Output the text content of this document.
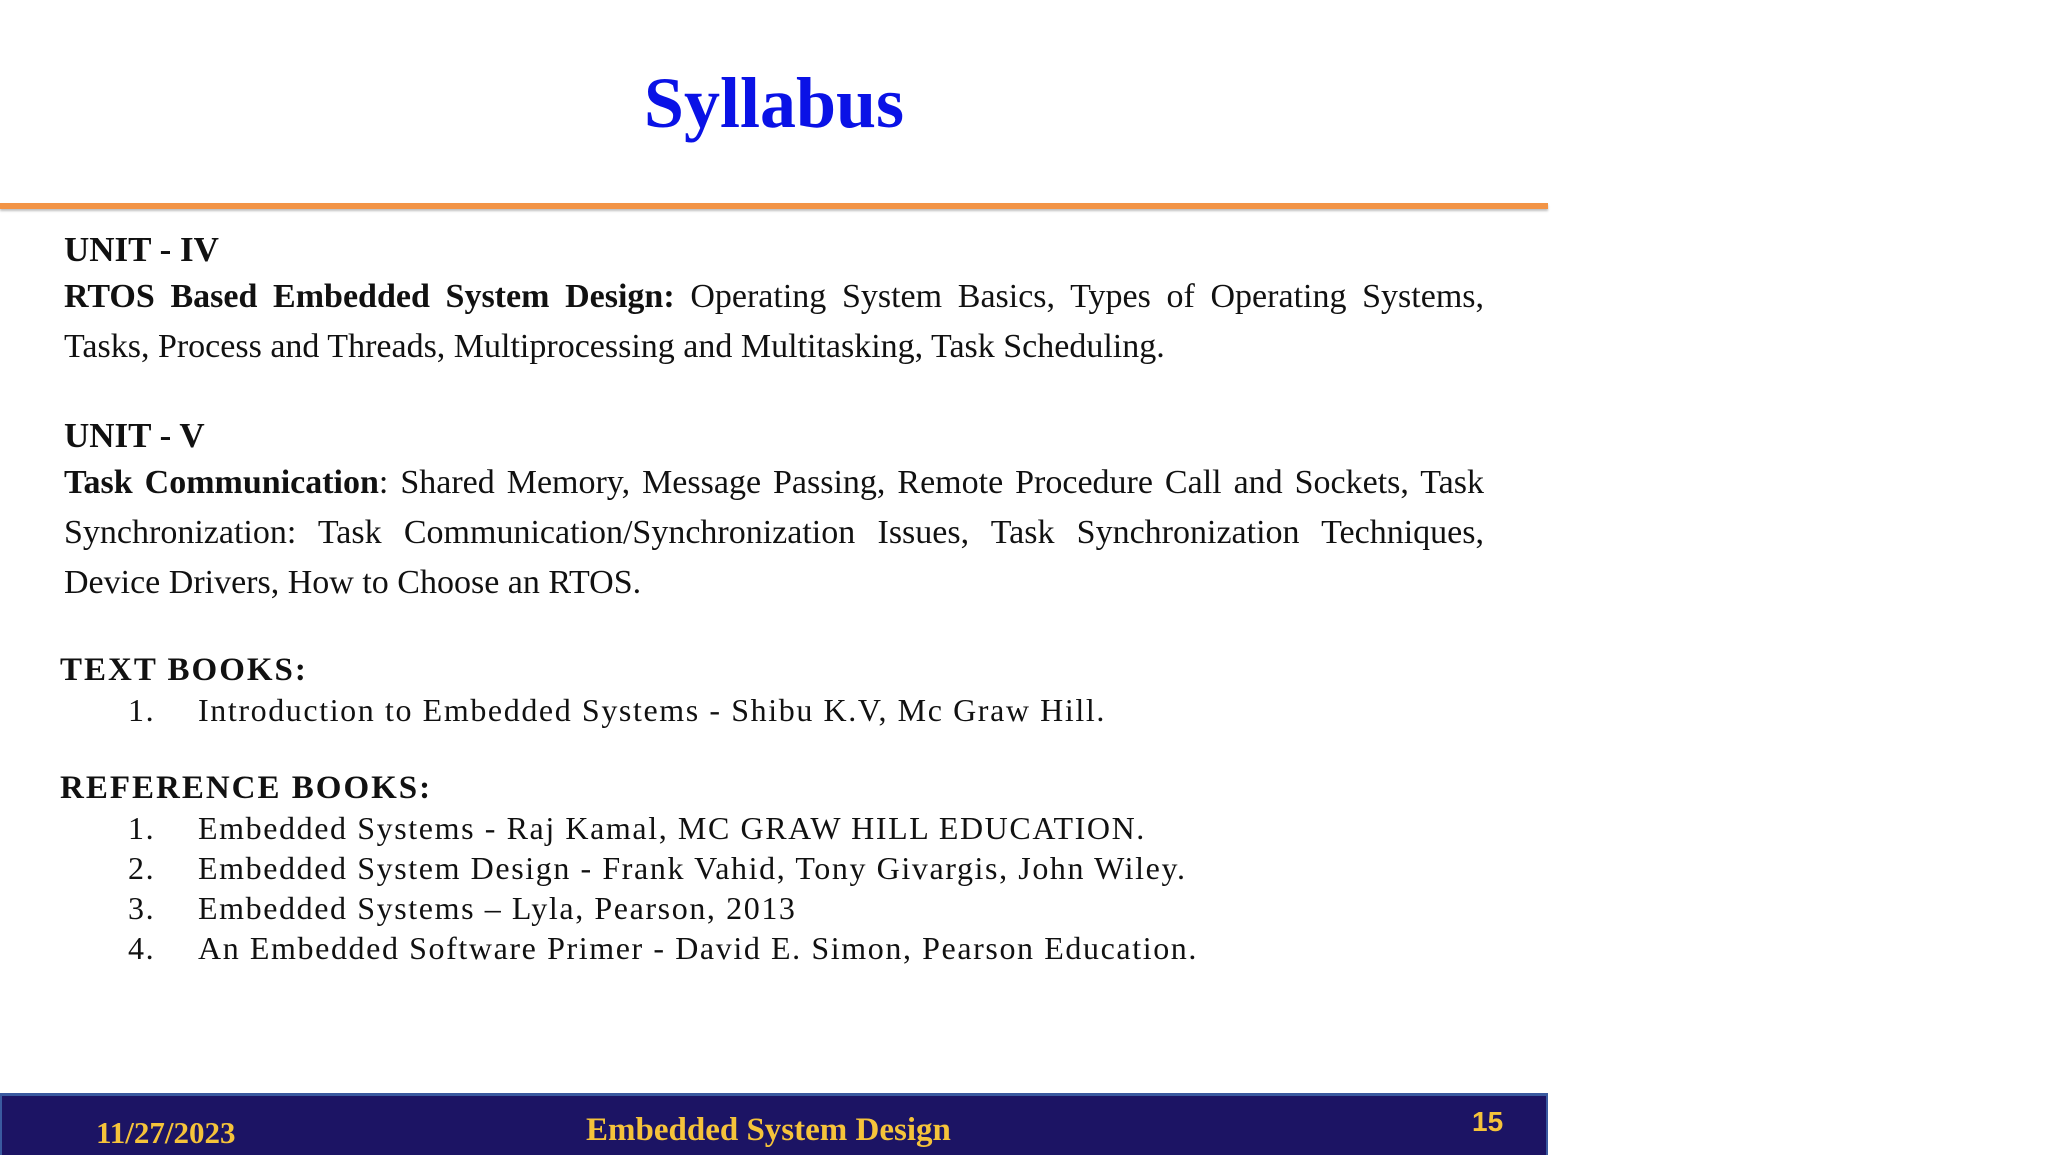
Syllabus

UNIT - IV

RTOS Based Embedded System Design: Operating System Basics, Types of Operating Systems, Tasks, Process and Threads, Multiprocessing and Multitasking, Task Scheduling.

UNIT - V

Task Communication: Shared Memory, Message Passing, Remote Procedure Call and Sockets, Task Synchronization: Task Communication/Synchronization Issues, Task Synchronization Techniques, Device Drivers, How to Choose an RTOS.

TEXT BOOKS:

1.	Introduction to Embedded Systems - Shibu K.V, Mc Graw Hill.

REFERENCE BOOKS:

1.	Embedded Systems - Raj Kamal, MC GRAW HILL EDUCATION.
2.	Embedded System Design - Frank Vahid, Tony Givargis, John Wiley.
3.	Embedded Systems – Lyla, Pearson, 2013
4.	An Embedded Software Primer - David E. Simon, Pearson Education.
11/27/2023	Embedded System Design	15
